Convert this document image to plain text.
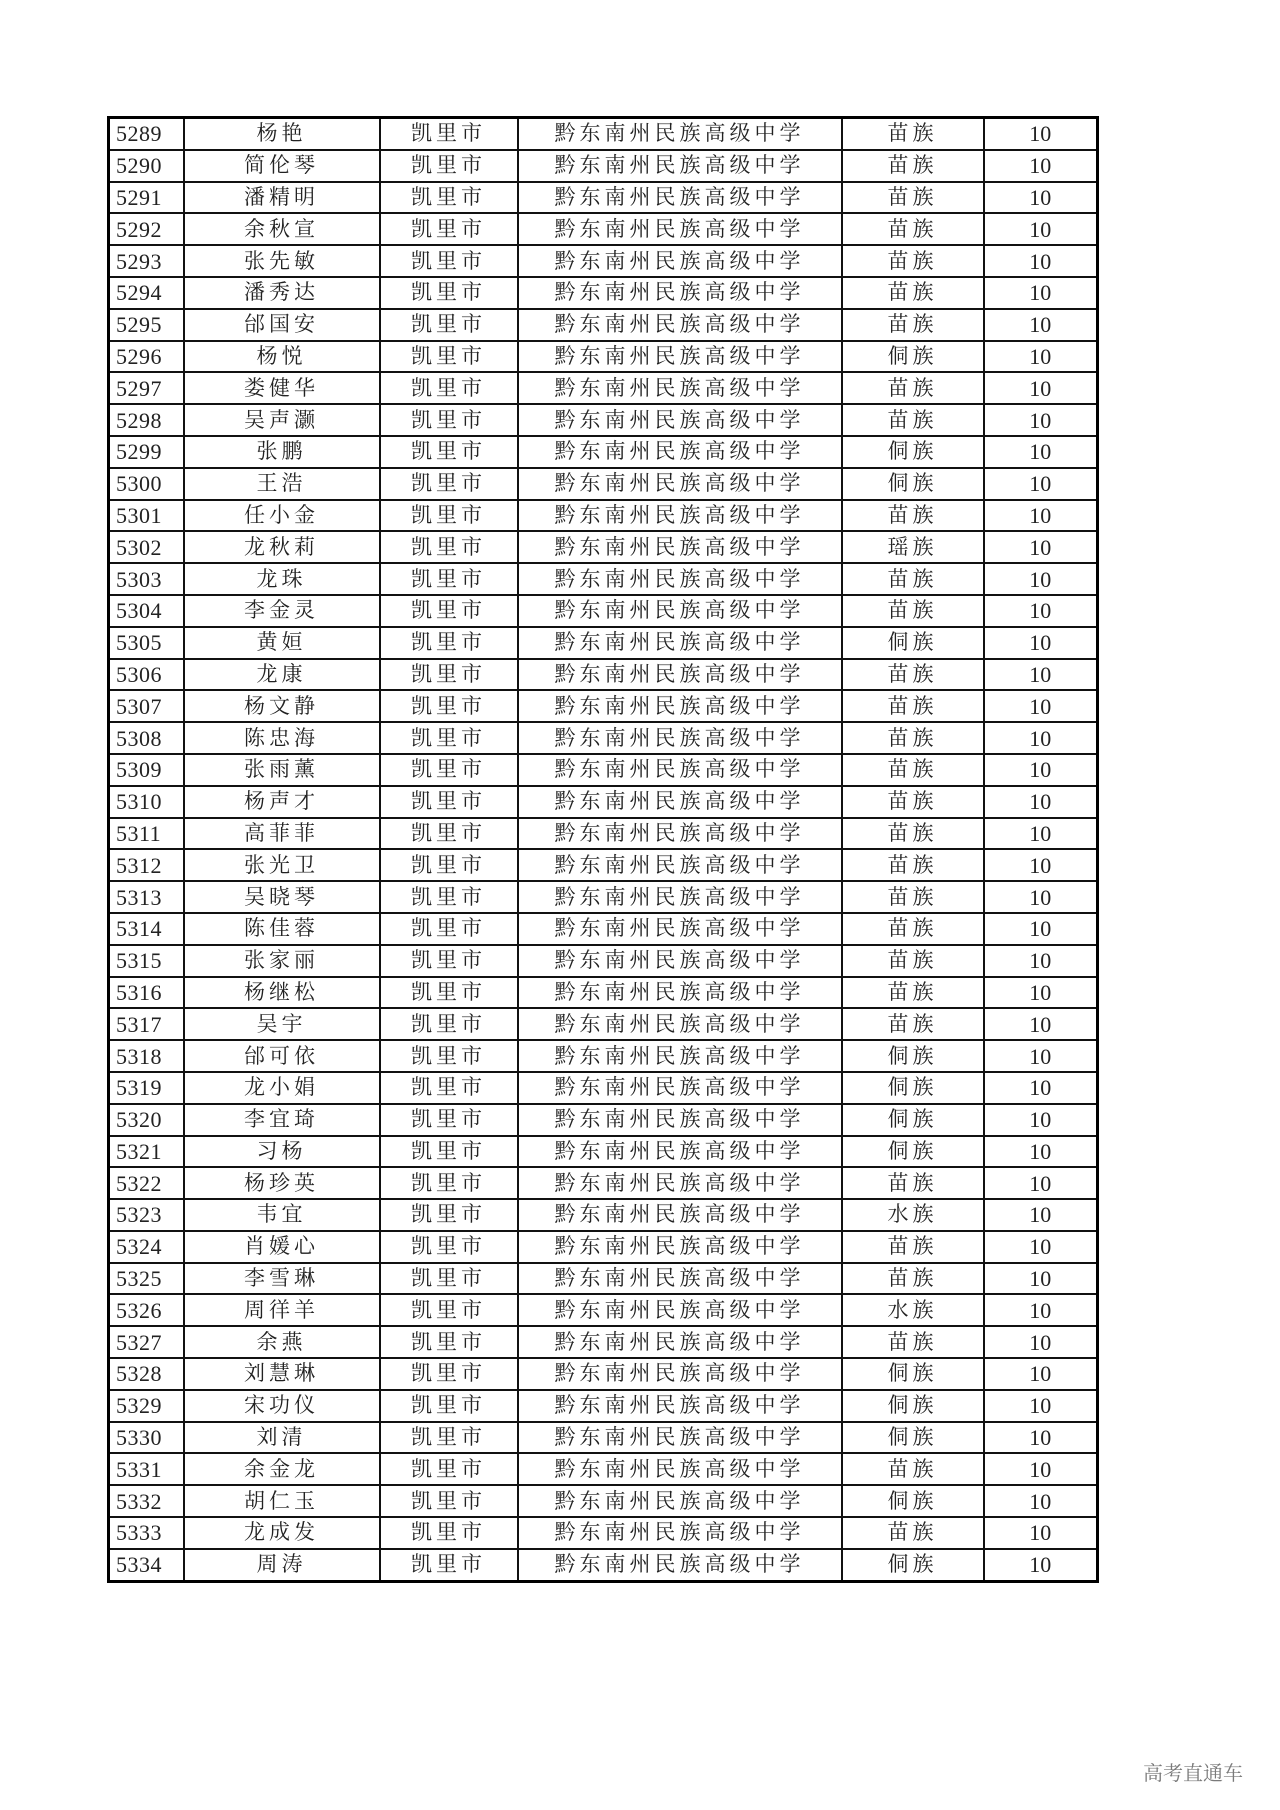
5289	杨艳	凯里市	黔东南州民族高级中学	苗族	10
5290	简伦琴	凯里市	黔东南州民族高级中学	苗族	10
5291	潘精明	凯里市	黔东南州民族高级中学	苗族	10
5292	余秋宣	凯里市	黔东南州民族高级中学	苗族	10
5293	张先敏	凯里市	黔东南州民族高级中学	苗族	10
5294	潘秀达	凯里市	黔东南州民族高级中学	苗族	10
5295	邰国安	凯里市	黔东南州民族高级中学	苗族	10
5296	杨悦	凯里市	黔东南州民族高级中学	侗族	10
5297	娄健华	凯里市	黔东南州民族高级中学	苗族	10
5298	吴声灏	凯里市	黔东南州民族高级中学	苗族	10
5299	张鹏	凯里市	黔东南州民族高级中学	侗族	10
5300	王浩	凯里市	黔东南州民族高级中学	侗族	10
5301	任小金	凯里市	黔东南州民族高级中学	苗族	10
5302	龙秋莉	凯里市	黔东南州民族高级中学	瑶族	10
5303	龙珠	凯里市	黔东南州民族高级中学	苗族	10
5304	李金灵	凯里市	黔东南州民族高级中学	苗族	10
5305	黄姮	凯里市	黔东南州民族高级中学	侗族	10
5306	龙康	凯里市	黔东南州民族高级中学	苗族	10
5307	杨文静	凯里市	黔东南州民族高级中学	苗族	10
5308	陈忠海	凯里市	黔东南州民族高级中学	苗族	10
5309	张雨薰	凯里市	黔东南州民族高级中学	苗族	10
5310	杨声才	凯里市	黔东南州民族高级中学	苗族	10
5311	高菲菲	凯里市	黔东南州民族高级中学	苗族	10
5312	张光卫	凯里市	黔东南州民族高级中学	苗族	10
5313	吴晓琴	凯里市	黔东南州民族高级中学	苗族	10
5314	陈佳蓉	凯里市	黔东南州民族高级中学	苗族	10
5315	张家丽	凯里市	黔东南州民族高级中学	苗族	10
5316	杨继松	凯里市	黔东南州民族高级中学	苗族	10
5317	吴宇	凯里市	黔东南州民族高级中学	苗族	10
5318	邰可依	凯里市	黔东南州民族高级中学	侗族	10
5319	龙小娟	凯里市	黔东南州民族高级中学	侗族	10
5320	李宜琦	凯里市	黔东南州民族高级中学	侗族	10
5321	习杨	凯里市	黔东南州民族高级中学	侗族	10
5322	杨珍英	凯里市	黔东南州民族高级中学	苗族	10
5323	韦宜	凯里市	黔东南州民族高级中学	水族	10
5324	肖媛心	凯里市	黔东南州民族高级中学	苗族	10
5325	李雪琳	凯里市	黔东南州民族高级中学	苗族	10
5326	周徉羊	凯里市	黔东南州民族高级中学	水族	10
5327	余燕	凯里市	黔东南州民族高级中学	苗族	10
5328	刘慧琳	凯里市	黔东南州民族高级中学	侗族	10
5329	宋功仪	凯里市	黔东南州民族高级中学	侗族	10
5330	刘清	凯里市	黔东南州民族高级中学	侗族	10
5331	余金龙	凯里市	黔东南州民族高级中学	苗族	10
5332	胡仁玉	凯里市	黔东南州民族高级中学	侗族	10
5333	龙成发	凯里市	黔东南州民族高级中学	苗族	10
5334	周涛	凯里市	黔东南州民族高级中学	侗族	10
高考直通车
